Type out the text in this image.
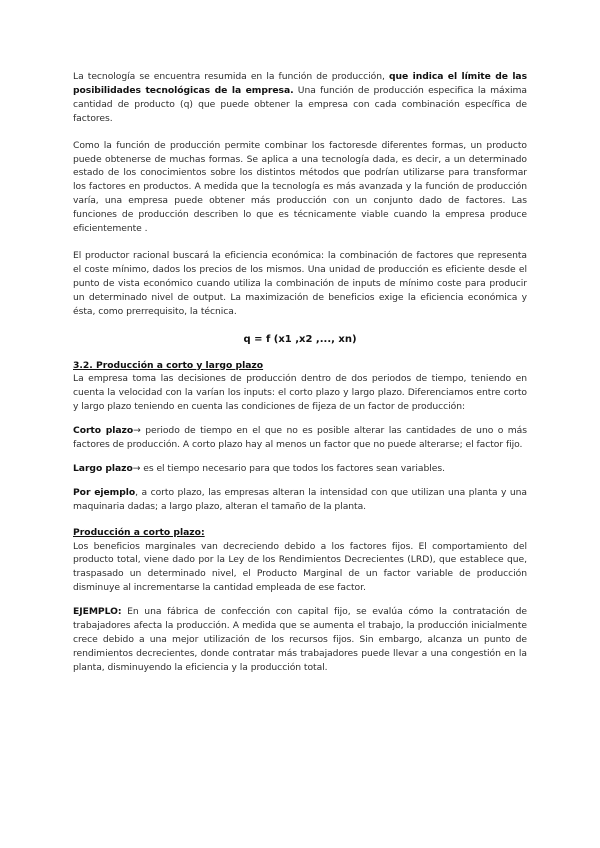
La tecnología se encuentra resumida en la función de producción, que indica el límite de las posibilidades tecnológicas de la empresa. Una función de producción especifica la máxima cantidad de producto (q) que puede obtener la empresa con cada combinación específica de factores.

Como la función de producción permite combinar los factoresde diferentes formas, un producto puede obtenerse de muchas formas. Se aplica a una tecnología dada, es decir, a un determinado estado de los conocimientos sobre los distintos métodos que podrían utilizarse para transformar los factores en productos. A medida que la tecnología es más avanzada y la función de producción varía, una empresa puede obtener más producción con un conjunto dado de factores. Las funciones de producción describen lo que es técnicamente viable cuando la empresa produce eficientemente .

El productor racional buscará la eficiencia económica: la combinación de factores que representa el coste mínimo, dados los precios de los mismos. Una unidad de producción es eficiente desde el punto de vista económico cuando utiliza la combinación de inputs de mínimo coste para producir un determinado nivel de output. La maximización de beneficios exige la eficiencia económica y ésta, como prerrequisito, la técnica.

q = f (x1 ,x2 ,..., xn)
3.2. Producción a corto y largo plazo

La empresa toma las decisiones de producción dentro de dos periodos de tiempo, teniendo en cuenta la velocidad con la varían los inputs: el corto plazo y largo plazo. Diferenciamos entre corto y largo plazo teniendo en cuenta las condiciones de fijeza de un factor de producción:

Corto plazo→ periodo de tiempo en el que no es posible alterar las cantidades de uno o más factores de producción. A corto plazo hay al menos un factor que no puede alterarse; el factor fijo.

Largo plazo→ es el tiempo necesario para que todos los factores sean variables.

Por ejemplo, a corto plazo, las empresas alteran la intensidad con que utilizan una planta y una maquinaria dadas; a largo plazo, alteran el tamaño de la planta.

Producción a corto plazo:

Los beneficios marginales van decreciendo debido a los factores fijos. El comportamiento del producto total, viene dado por la Ley de los Rendimientos Decrecientes (LRD), que establece que, traspasado un determinado nivel, el Producto Marginal de un factor variable de producción disminuye al incrementarse la cantidad empleada de ese factor.

EJEMPLO: En una fábrica de confección con capital fijo, se evalúa cómo la contratación de trabajadores afecta la producción. A medida que se aumenta el trabajo, la producción inicialmente crece debido a una mejor utilización de los recursos fijos. Sin embargo, alcanza un punto de rendimientos decrecientes, donde contratar más trabajadores puede llevar a una congestión en la planta, disminuyendo la eficiencia y la producción total.
